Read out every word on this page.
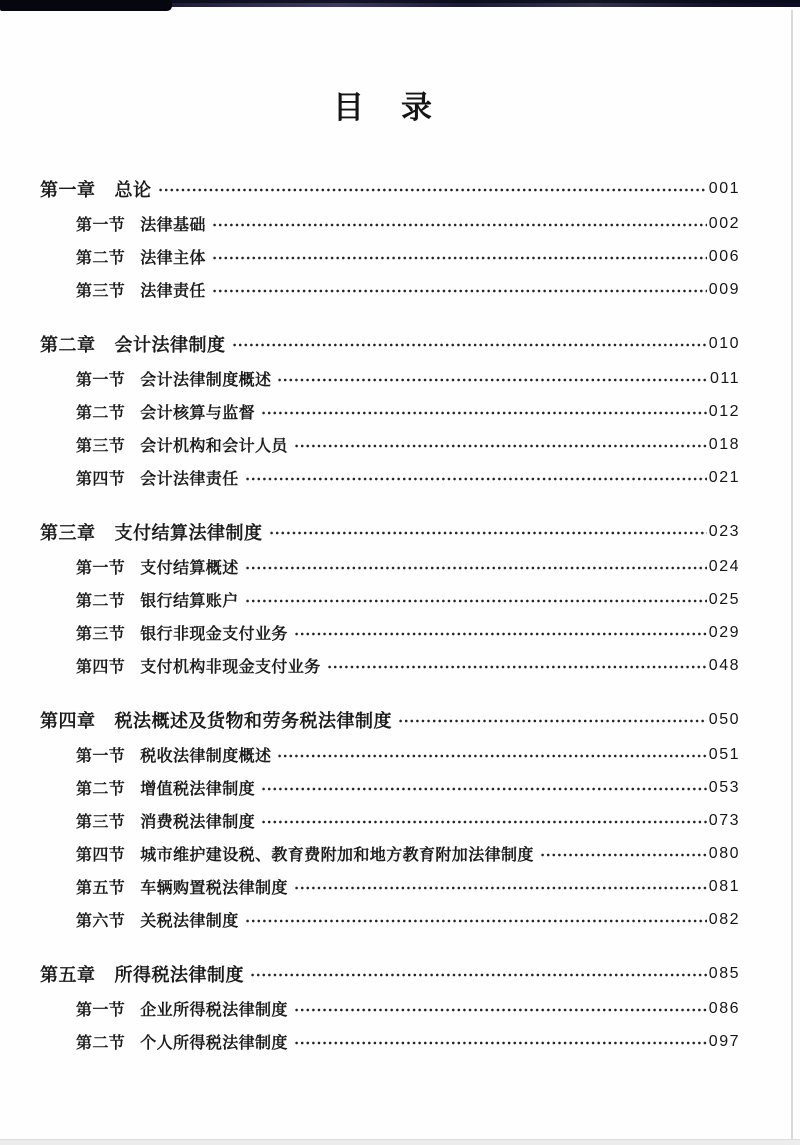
目　录
第一章 总论	001
第一节 法律基础	002
第二节 法律主体	006
第三节 法律责任	009
第二章 会计法律制度	010
第一节 会计法律制度概述	011
第二节 会计核算与监督	012
第三节 会计机构和会计人员	018
第四节 会计法律责任	021
第三章 支付结算法律制度	023
第一节 支付结算概述	024
第二节 银行结算账户	025
第三节 银行非现金支付业务	029
第四节 支付机构非现金支付业务	048
第四章 税法概述及货物和劳务税法律制度	050
第一节 税收法律制度概述	051
第二节 增值税法律制度	053
第三节 消费税法律制度	073
第四节 城市维护建设税、教育费附加和地方教育附加法律制度	080
第五节 车辆购置税法律制度	081
第六节 关税法律制度	082
第五章 所得税法律制度	085
第一节 企业所得税法律制度	086
第二节 个人所得税法律制度	097
